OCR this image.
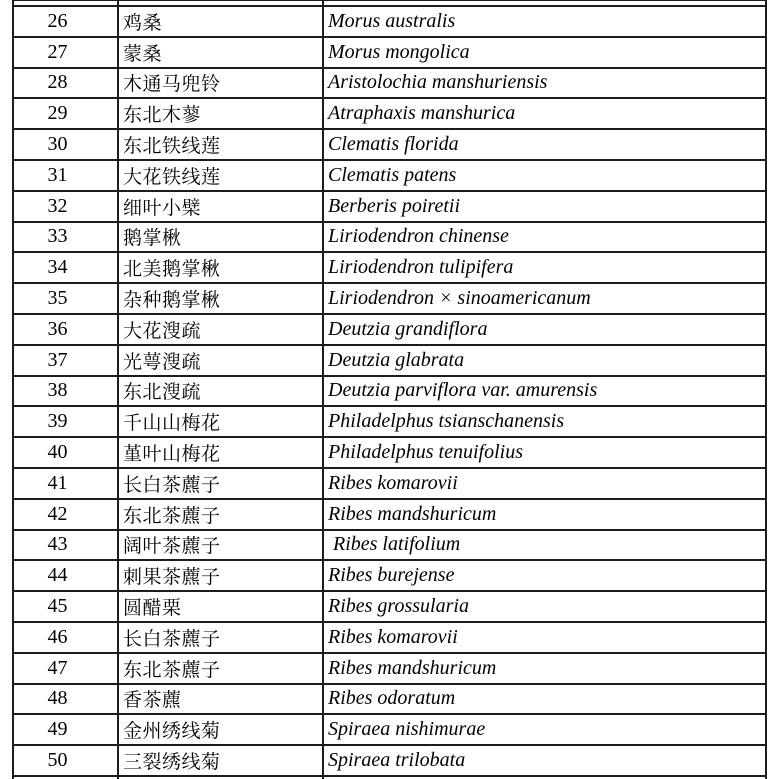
26	鸡桑	Morus australis
27	蒙桑	Morus mongolica
28	木通马兜铃	Aristolochia manshuriensis
29	东北木蓼	Atraphaxis manshurica
30	东北铁线莲	Clematis florida
31	大花铁线莲	Clematis patens
32	细叶小檗	Berberis poiretii
33	鹅掌楸	Liriodendron chinense
34	北美鹅掌楸	Liriodendron tulipifera
35	杂种鹅掌楸	Liriodendron × sinoamericanum
36	大花溲疏	Deutzia grandiflora
37	光萼溲疏	Deutzia glabrata
38	东北溲疏	Deutzia parviflora var. amurensis
39	千山山梅花	Philadelphus tsianschanensis
40	堇叶山梅花	Philadelphus tenuifolius
41	长白茶藨子	Ribes komarovii
42	东北茶藨子	Ribes mandshuricum
43	阔叶茶藨子	Ribes latifolium
44	刺果茶藨子	Ribes burejense
45	圆醋栗	Ribes grossularia
46	长白茶藨子	Ribes komarovii
47	东北茶藨子	Ribes mandshuricum
48	香茶藨	Ribes odoratum
49	金州绣线菊	Spiraea nishimurae
50	三裂绣线菊	Spiraea trilobata
